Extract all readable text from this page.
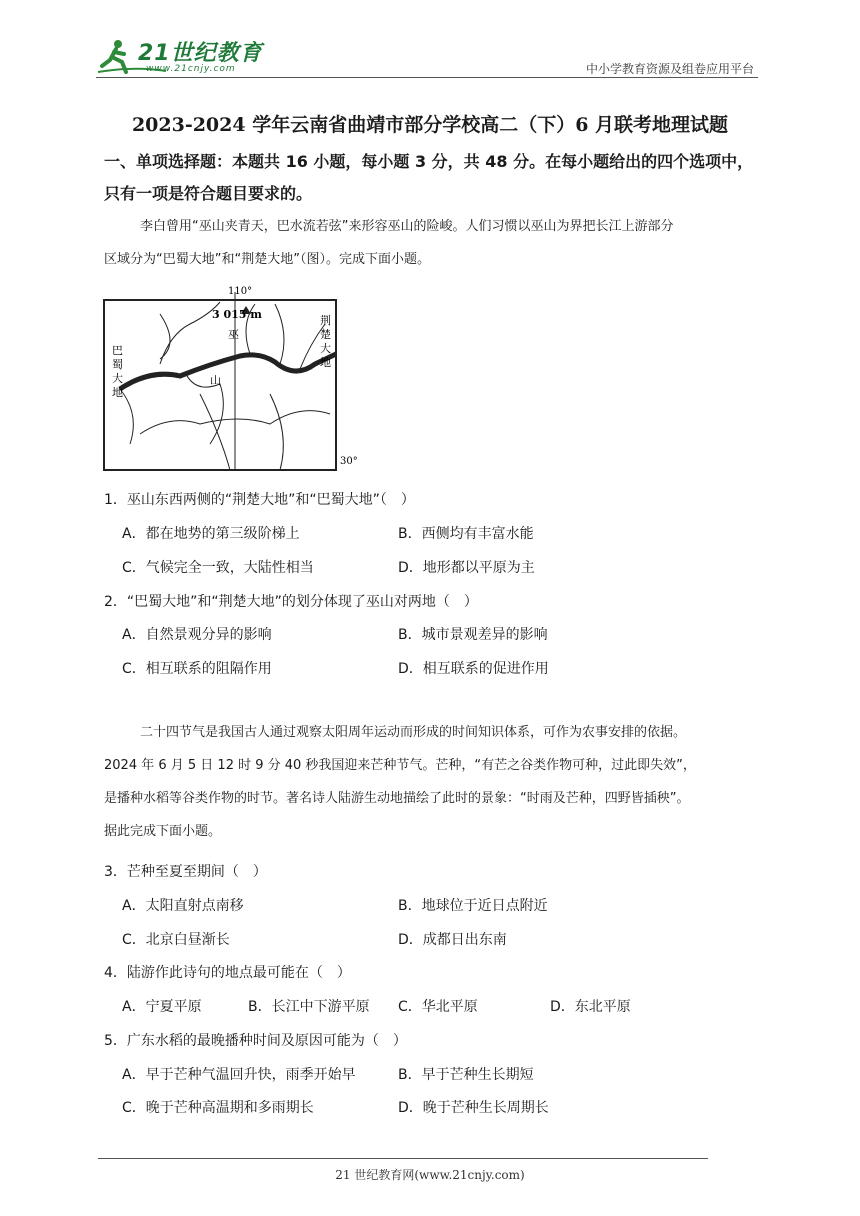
21世纪教育
www.21cnjy.com	中小学教育资源及组卷应用平台
2023-2024 学年云南省曲靖市部分学校高二（下）6 月联考地理试题
一、单项选择题：本题共 16 小题，每小题 3 分，共 48 分。在每小题给出的四个选项中，只有一项是符合题目要求的。
李白曾用“巫山夹青天，巴水流若弦”来形容巫山的险峻。人们习惯以巫山为界把长江上游部分
区域分为“巴蜀大地”和“荆楚大地”（图）。完成下面小题。
110°
30°
3 015 m
巫
山
巴
蜀
大
地
荆
楚
大
地
1．巫山东西两侧的“荆楚大地”和“巴蜀大地”（　）
A．都在地势的第三级阶梯上	B．西侧均有丰富水能
C．气候完全一致，大陆性相当	D．地形都以平原为主
2．“巴蜀大地”和“荆楚大地”的划分体现了巫山对两地（　）
A．自然景观分异的影响	B．城市景观差异的影响
C．相互联系的阻隔作用	D．相互联系的促进作用
二十四节气是我国古人通过观察太阳周年运动而形成的时间知识体系，可作为农事安排的依据。
2024 年 6 月 5 日 12 时 9 分 40 秒我国迎来芒种节气。芒种，“有芒之谷类作物可种，过此即失效”，
是播种水稻等谷类作物的时节。著名诗人陆游生动地描绘了此时的景象：“时雨及芒种，四野皆插秧”。
据此完成下面小题。
3．芒种至夏至期间（　）
A．太阳直射点南移	B．地球位于近日点附近
C．北京白昼渐长	D．成都日出东南
4．陆游作此诗句的地点最可能在（　）
A．宁夏平原	B．长江中下游平原 C．华北平原	D．东北平原
5．广东水稻的最晚播种时间及原因可能为（　）
A．早于芒种气温回升快，雨季开始早	B．早于芒种生长期短
C．晚于芒种高温期和多雨期长	D．晚于芒种生长周期长
21 世纪教育网(www.21cnjy.com)
